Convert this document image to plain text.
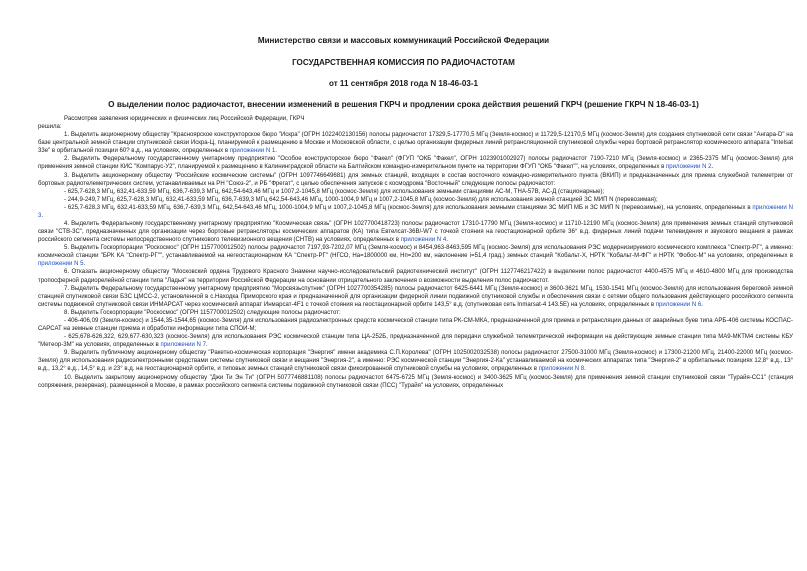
Министерство связи и массовых коммуникаций Российской Федерации
ГОСУДАРСТВЕННАЯ КОМИССИЯ ПО РАДИОЧАСТОТАМ
от 11 сентября 2018 года N 18-46-03-1
О выделении полос радиочастот, внесении изменений в решения ГКРЧ и продлении срока действия решений ГКРЧ (решение ГКРЧ N 18-46-03-1)

Рассмотрев заявления юридических и физических лиц Российской Федерации, ГКРЧ

решила:

1. Выделить акционерному обществу "Красноярское конструкторское бюро "Искра" (ОГРН 1022402130156) полосы радиочастот 17329,5-17770,5 МГц (Земля-космос) и 11729,5-12170,5 МГц (космос-Земля) для создания спутниковой сети связи "Ангара-D" на базе центральной земной станции спутниковой связи Искра-Ц, планируемой к размещению в Москве и Московской области, с целью организации фидерных линий ретрансляционной спутниковой службы через бортовой ретранслятор космического аппарата "Intelsat 33e" в орбитальной позиции 60? в.д., на условиях, определенных в приложении N 1.

2. Выделить Федеральному государственному унитарному предприятию "Особое конструкторское бюро "Факел" (ФГУП "ОКБ "Факел", ОГРН 1023901002927) полосы радиочастот 7190-7210 МГц (Земля-космос) и 2365-2375 МГц (космос-Земля) для применения земной станции КИС "Компарус-У2", планируемой к размещению в Калининградской области на Балтийском командно-измерительном пункте на территории ФГУП "ОКБ "Факел"", на условиях, определенных в приложении N 2.

3. Выделить акционерному обществу "Российские космические системы" (ОГРН 1097746649681) для земных станций, входящих в состав восточного командно-измерительного пункта (ВКИП) и предназначенных для приема служебной телеметрии от бортовых радиотелеметрических систем, устанавливаемых на РН "Союз-2", и РБ "Фрегат", с целью обеспечения запусков с космодрома "Восточный" следующие полосы радиочастот:

- 625,7-628,3 МГц, 632,41-633,59 МГц, 636,7-639,3 МГц, 642,54-643,46 МГц и 1007,2-1045,8 МГц (космос-Земля) для использования земными станциями АС-М, ТНА-57В, АС-Д (стационарные);

- 244,9-249,7 МГц, 625,7-628,3 МГц, 632,41-633,59 МГц, 636,7-639,3 МГц 642,54-643,46 МГц, 1000-1004,9 МГц и 1007,2-1045,8 МГц (космос-Земля) для использования земной станцией ЗС МИП N (перевозимая);

- 625,7-628,3 МГц, 632,41-633,59 МГц, 636,7-639,3 МГц, 642,54-643,46 МГц, 1000-1004,9 МГц и 1007,2-1045,8 МГц (космос-Земля) для использования земными станциями ЗС МИП МБ и ЗС МИП N (перевозимые), на условиях, определенных в приложении N 3.

4. Выделить Федеральному государственному унитарному предприятию "Космическая связь" (ОГРН 1027700418723) полосы радиочастот 17310-17790 МГц (Земля-космос) и 11710-12190 МГц (космос-Земля) для применения земных станций спутниковой связи "СТВ-3С", предназначенных для организации через бортовые ретрансляторы космических аппаратов (КА) типа Евтелсат-36В/-W7 с точкой стояния на геостационарной орбите 36° в.д. фидерных линий подачи телевидения и звукового вещания в рамках российского сегмента системы непосредственного спутникового телевизионного вещения (СНТВ) на условиях, определенных в приложении N 4.

5. Выделить Госкорпорации "Роскосмос" (ОГРН 1157700012502) полосы радиочастот 7197,93-7202,07 МГц (Земля-космос) и 8454,963-8463,595 МГц (космос-Земля) для использования РЭС модернизируемого космического комплекса "Спектр-РГ", а именно: космической станции "БРК КА "Спектр-РГ"", устанавливаемой на негеостационарном КА "Спектр-РГ" (НГСО, На=1800000 км, Нп=200 км, наклонение i=51,4 град.) земных станций "Кобальт-Х, НРТК "Кобальт-М-ФГ" и НРТК "Фобос-М" на условиях, определенных в приложении N 5.

6. Отказать акционерному обществу "Московский ордена Трудового Красного Знамени научно-исследовательский радиотехнический институт" (ОГРН 1127746217422) в выделении полос радиочастот 4400-4575 МГц и 4610-4800 МГц для производства тропосферной радиорелейной станции типа "Ладья" на территории Российской Федерации на основании отрицательного заключения о возможности выделения полос радиочастот.

7. Выделить Федеральному государственному унитарному предприятию "Морсвязьспутник" (ОГРН 1027700354285) полосы радиочастот 6425-6441 МГц (Земля-космос) и 3600-3621 МГц, 1530-1541 МГц (космос-Земля) для использования береговой земной станцией спутниковой связи БЗС ЦМСС-2, установленной в с.Находка Приморского края и предназначенной для организации фидерной линии подвижной спутниковой службы и обеспечения связи с сетями общего пользования действующего российского сегмента системы подвижной спутниковой связи ИНМАРСАТ через космический аппарат Инмарсат-4F1 с точкой стояния на геостационарной орбите 143,5° в.д. (спутниковая сеть Inmarsat-4 143.5Е) на условиях, определенных в приложении N 6.

8. Выделить Госкорпорации "Роскосмос" (ОГРН 1157700012502) следующие полосы радиочастот:

- 406-406,09 (Земля-космос) и 1544,35-1544,65 (космос-Земля) для использования радиоэлектронных средств космической станции типа РК-СМ-МКА, предназначенной для приема и ретрансляции данных от аварийных буев типа АРБ-406 системы КОСПАС-САРСАТ на земные станции приема и обработки информации типа СПОИ-М;

- 625,678-626,322, 629,677-630,323 (космос-Земля) для использования РЭС космической станции типа ЦА-252Б, предназначенной для передачи служебной телеметрической информации на действующие земные станции типа МА9-МКТМ4 системы КБУ "Метеор-3М" на условиях, определенных в приложении N 7.

9. Выделить публичному акционерному обществу "Ракетно-космическая корпорация "Энергия" имени академика С.П.Королева" (ОГРН 1025002032538) полосы радиочастот 27500-31000 МГц (Земля-космос) и 17300-21200 МГц, 21400-22000 МГц (космос-Земля) для использования радиоэлектронными средствами системы спутниковой связи и вещания "Энергия-2", а именно: РЭС космической станции "Энергия-2-Ка" устанавливаемой на космических аппаратах типа "Энергия-2" в орбитальных позициях 12,8° в.д., 13° в.д., 13,2° в.д., 14,5° в.д. и 23° в.д. на геостационарной орбите, и типовых земных станций спутниковой связи фиксированной спутниковой службы на условиях, определенных в приложении N 8.

10. Выделить закрытому акционерному обществу "Джи Ти Эн Ти" (ОГРН 5077746881108) полосы радиочастот 6475-6725 МГц (Земля-космос) и 3400-3625 МГц (космос-Земля) для применения земной станции спутниковой связи "Турайя-СС1" (станция сопряжения, резервная), размещенной в Москве, в рамках российского сегмента системы подвижной спутниковой связи (ПСС) "Турайя" на условиях, определенных
